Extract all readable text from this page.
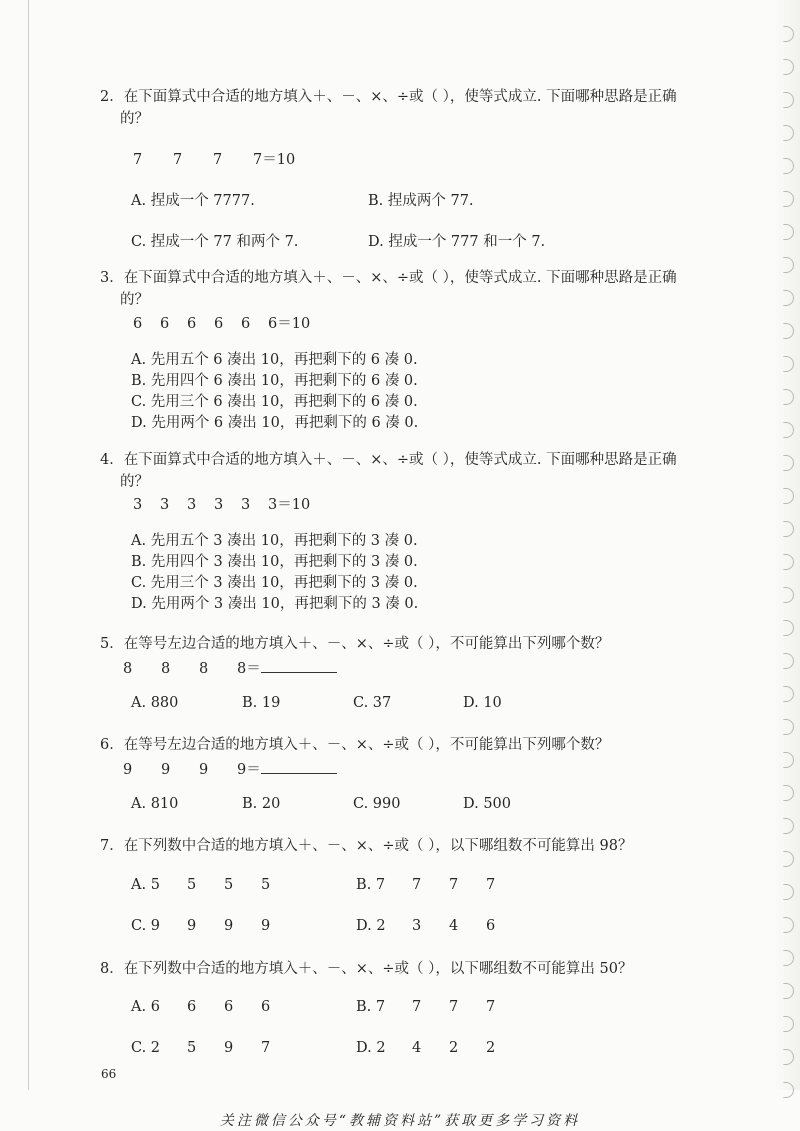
2．在下面算式中合适的地方填入＋、－、×、÷或（ ），使等式成立. 下面哪种思路是正确
的？
7 7 7 7＝10
A. 捏成一个 7777.	B. 捏成两个 77.
C. 捏成一个 77 和两个 7.	D. 捏成一个 777 和一个 7.
3．在下面算式中合适的地方填入＋、－、×、÷或（ ），使等式成立. 下面哪种思路是正确
的？
6 6 6 6 6 6＝10
A. 先用五个 6 凑出 10，再把剩下的 6 凑 0.
B. 先用四个 6 凑出 10，再把剩下的 6 凑 0.
C. 先用三个 6 凑出 10，再把剩下的 6 凑 0.
D. 先用两个 6 凑出 10，再把剩下的 6 凑 0.
4．在下面算式中合适的地方填入＋、－、×、÷或（ ），使等式成立. 下面哪种思路是正确
的？
3 3 3 3 3 3＝10
A. 先用五个 3 凑出 10，再把剩下的 3 凑 0.
B. 先用四个 3 凑出 10，再把剩下的 3 凑 0.
C. 先用三个 3 凑出 10，再把剩下的 3 凑 0.
D. 先用两个 3 凑出 10，再把剩下的 3 凑 0.
5．在等号左边合适的地方填入＋、－、×、÷或（ ），不可能算出下列哪个数？
8 8 8 8＝
A. 880	B. 19	C. 37	D. 10
6．在等号左边合适的地方填入＋、－、×、÷或（ ），不可能算出下列哪个数？
9 9 9 9＝
A. 810	B. 20	C. 990	D. 500
7．在下列数中合适的地方填入＋、－、×、÷或（ ），以下哪组数不可能算出 98？
A. 5 5 5 5	B. 7 7 7 7
C. 9 9 9 9	D. 2 3 4 6
8．在下列数中合适的地方填入＋、－、×、÷或（ ），以下哪组数不可能算出 50？
A. 6 6 6 6	B. 7 7 7 7
C. 2 5 9 7	D. 2 4 2 2
66
关注微信公众号“教辅资料站”获取更多学习资料
